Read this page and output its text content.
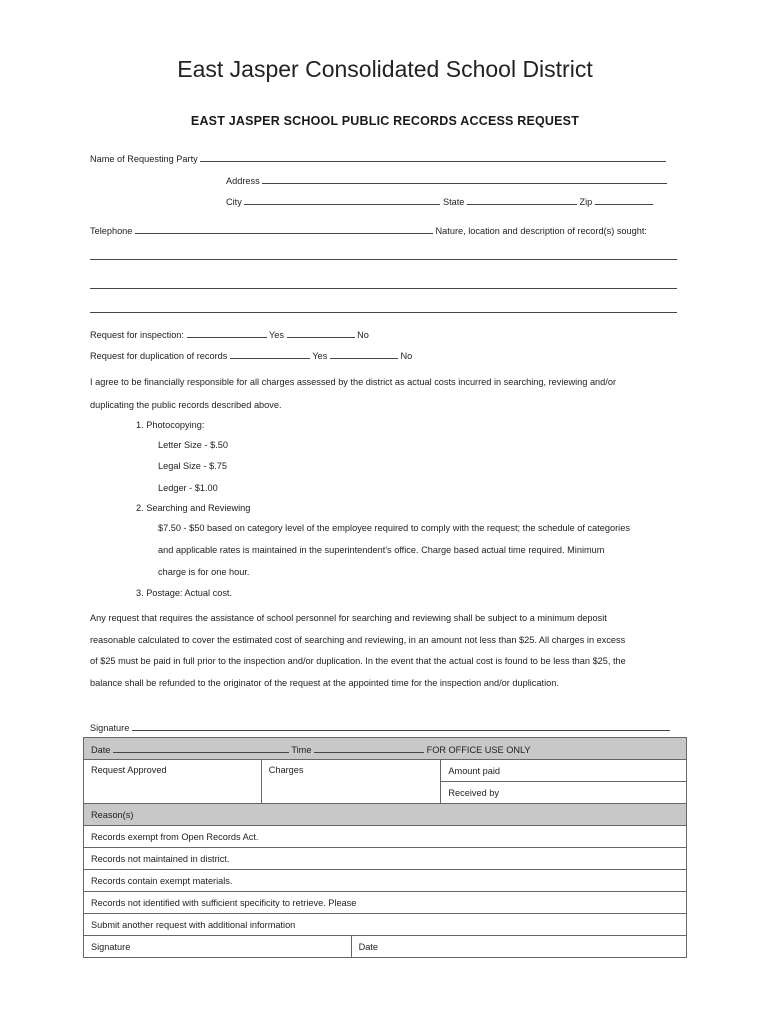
East Jasper Consolidated School District
EAST JASPER SCHOOL PUBLIC RECORDS ACCESS REQUEST
Name of Requesting Party
Address
City	State	Zip
Telephone	Nature, location and description of record(s) sought:
Request for inspection:	Yes	No
Request for duplication of records	Yes	No
I agree to be financially responsible for all charges assessed by the district as actual costs incurred in searching, reviewing and/or
duplicating the public records described above.
1. Photocopying:
Letter Size - $.50
Legal Size - $.75
Ledger - $1.00
2. Searching and Reviewing
$7.50 - $50 based on category level of the employee required to comply with the request; the schedule of categories
and applicable rates is maintained in the superintendent's office. Charge based actual time required. Minimum
charge is for one hour.
3. Postage: Actual cost.
Any request that requires the assistance of school personnel for searching and reviewing shall be subject to a minimum deposit
reasonable calculated to cover the estimated cost of searching and reviewing, in an amount not less than $25. All charges in excess
of $25 must be paid in full prior to the inspection and/or duplication. In the event that the actual cost is found to be less than $25, the
balance shall be refunded to the originator of the request at the appointed time for the inspection and/or duplication.
Signature
Date Time FOR OFFICE USE ONLY			
Request Approved	Charges		Amount paid
			Received by
Reason(s)			
Records exempt from Open Records Act.			
Records not maintained in district.			
Records contain exempt materials.			
Records not identified with sufficient specificity to retrieve. Please			
Submit another request with additional information			
Signature		Date	
